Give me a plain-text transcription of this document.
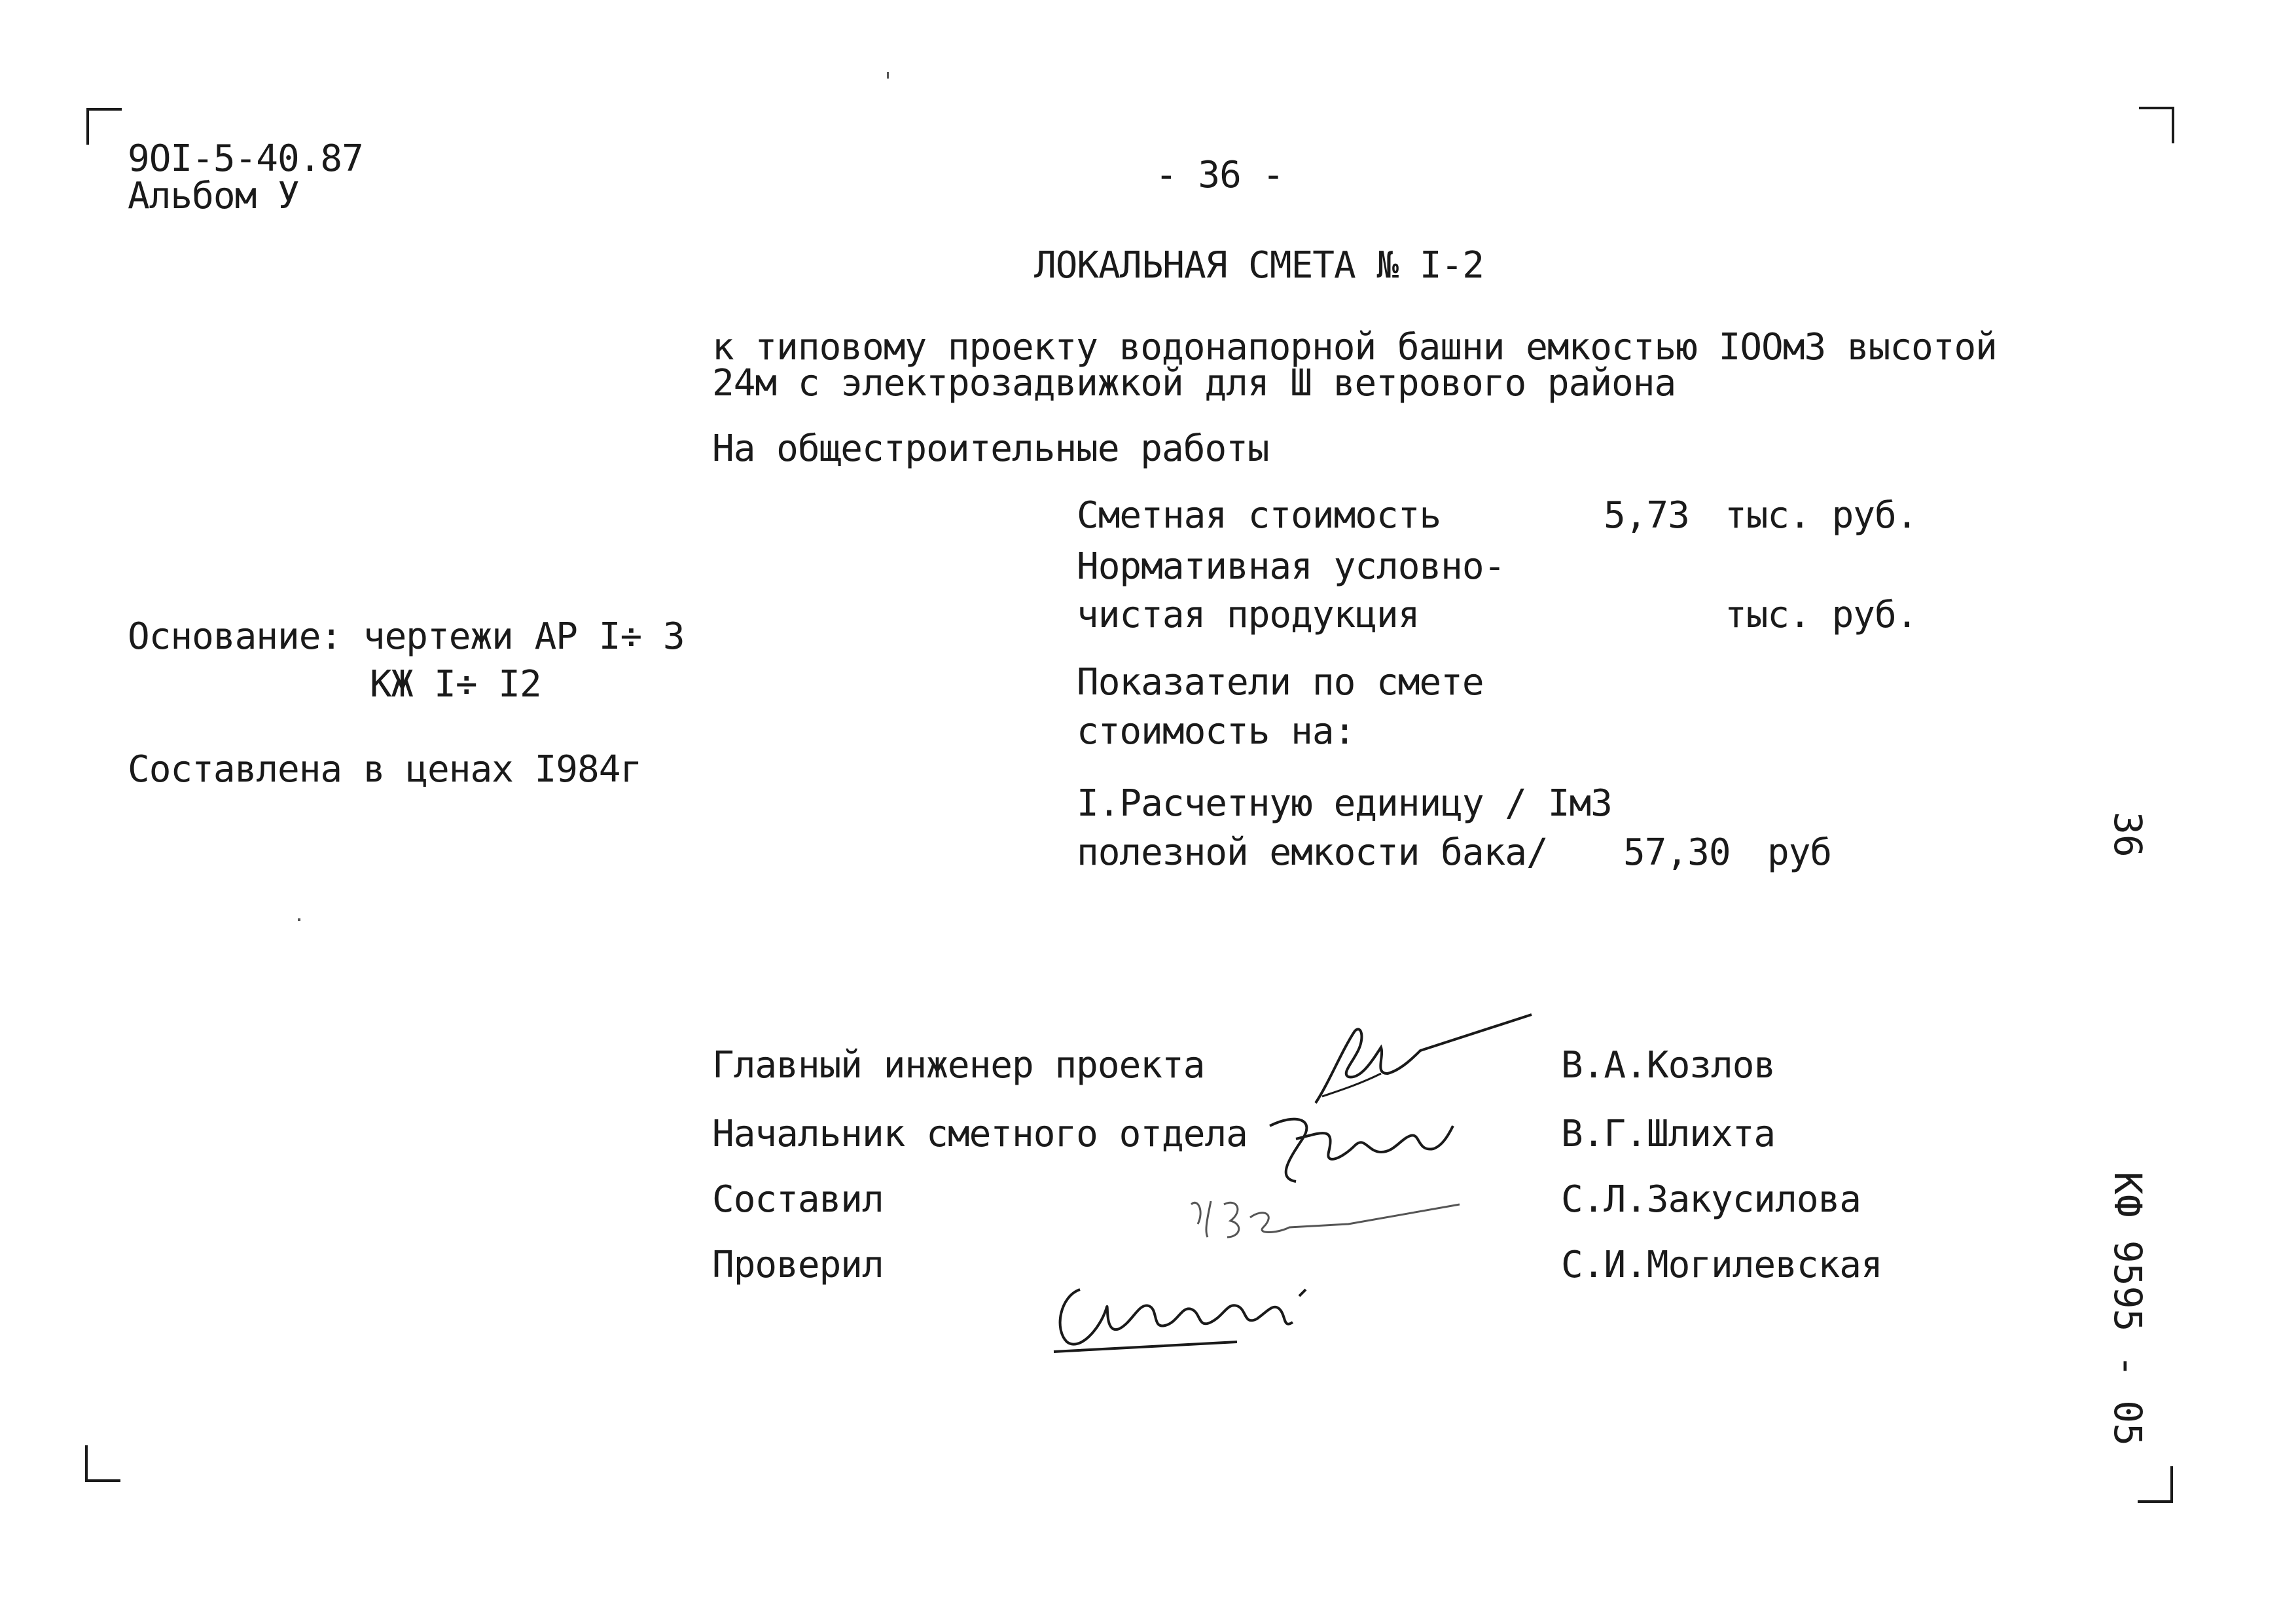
9OI-5-40.87
Альбом У	- 36 -
ЛОКАЛЬНАЯ СМЕТА № I-2
к типовому проекту водонапорной башни емкостью IOOмЗ высотой
24м с электрозадвижкой для Ш ветрового района
На общестроительные работы
Сметная стоимость	5,73 тыс. руб.
Нормативная условно-
чистая продукция	тыс. руб.
Показатели по смете
стоимость на:
I.Расчетную единицу / IмЗ
полезной емкости бака/ 57,30 руб
Основание: чертежи АР I÷ З
КЖ I÷ I2
Составлена в ценах I984г
Главный инженер проекта	В.А.Козлов
Начальник сметного отдела	В.Г.Шлихта
Составил	С.Л.Закусилова
Проверил	С.И.Могилевская
36
КФ 9595 - 05
